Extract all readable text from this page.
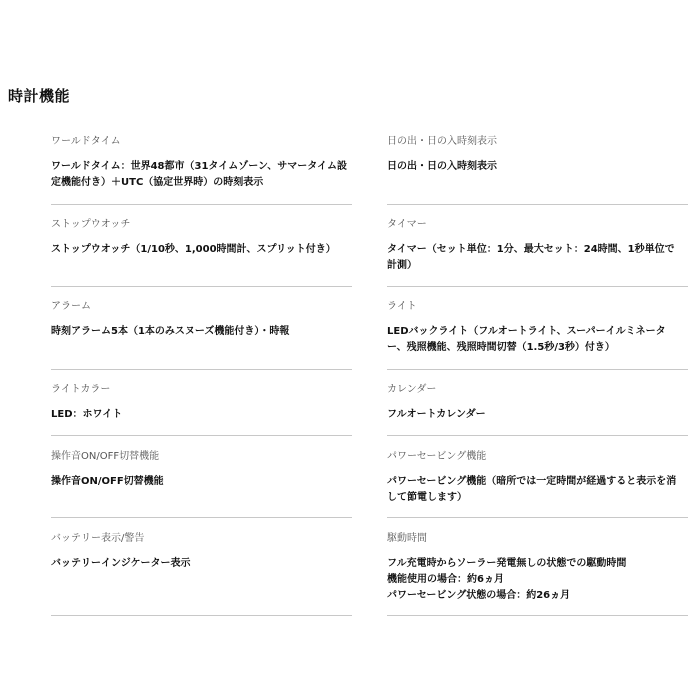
時計機能
ワールドタイム
ワールドタイム：世界48都市（31タイムゾーン、サマータイム設
定機能付き）＋UTC（協定世界時）の時刻表示
日の出・日の入時刻表示
日の出・日の入時刻表示
ストップウオッチ
ストップウオッチ（1/10秒、1,000時間計、スプリット付き）
タイマー
タイマー（セット単位：1分、最大セット：24時間、1秒単位で
計測）
アラーム
時刻アラーム5本（1本のみスヌーズ機能付き）・時報
ライト
LEDバックライト（フルオートライト、スーパーイルミネータ
ー、残照機能、残照時間切替（1.5秒/3秒）付き）
ライトカラー
LED：ホワイト
カレンダー
フルオートカレンダー
操作音ON/OFF切替機能
操作音ON/OFF切替機能
パワーセービング機能
パワーセービング機能（暗所では一定時間が経過すると表示を消
して節電します）
バッテリー表示/警告
バッテリーインジケーター表示
駆動時間
フル充電時からソーラー発電無しの状態での駆動時間
機能使用の場合：約6ヵ月
パワーセービング状態の場合：約26ヵ月
